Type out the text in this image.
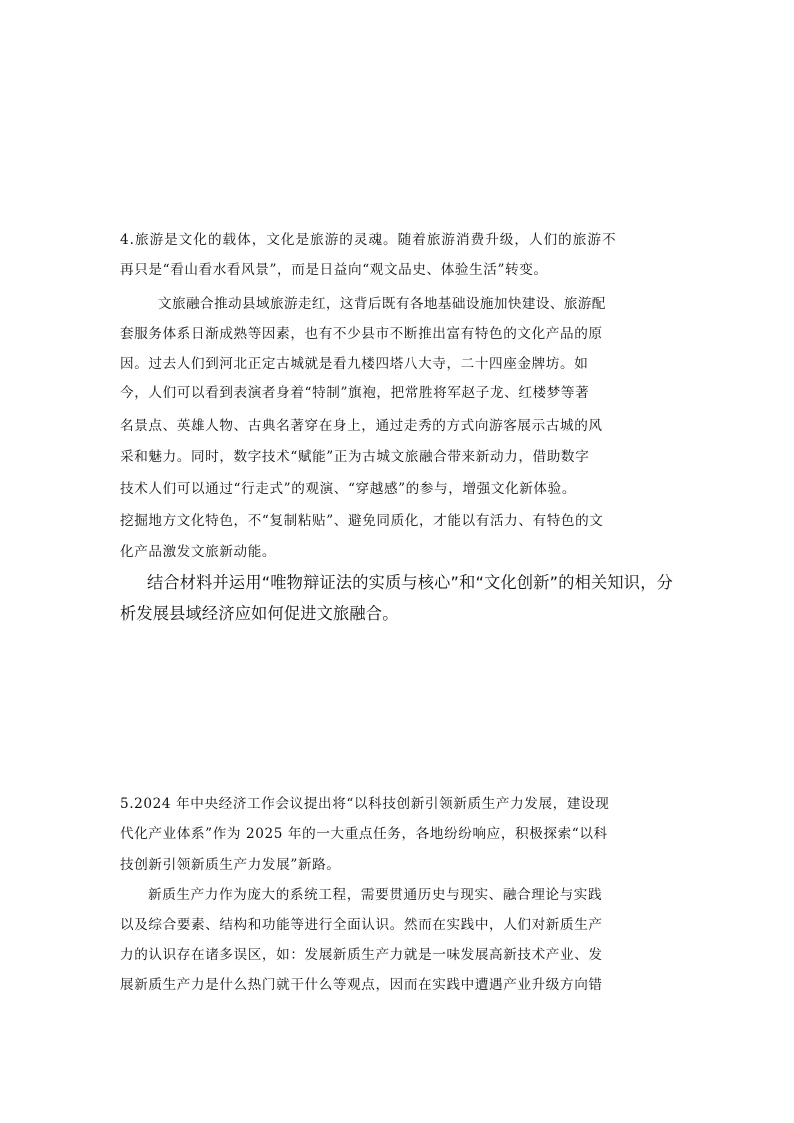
4.旅游是文化的载体，文化是旅游的灵魂。随着旅游消费升级，人们的旅游不
再只是“看山看水看风景”，而是日益向“观文品史、体验生活”转变。
文旅融合推动县域旅游走红，这背后既有各地基础设施加快建设、旅游配
套服务体系日渐成熟等因素，也有不少县市不断推出富有特色的文化产品的原
因。过去人们到河北正定古城就是看九楼四塔八大寺，二十四座金牌坊。如
今，人们可以看到表演者身着“特制”旗袍，把常胜将军赵子龙、红楼梦等著
名景点、英雄人物、古典名著穿在身上，通过走秀的方式向游客展示古城的风
采和魅力。同时，数字技术“赋能”正为古城文旅融合带来新动力，借助数字
技术人们可以通过“行走式”的观演、“穿越感”的参与，增强文化新体验。
挖掘地方文化特色，不“复制粘贴”、避免同质化，才能以有活力、有特色的文
化产品激发文旅新动能。
结合材料并运用“唯物辩证法的实质与核心”和“文化创新”的相关知识，分
析发展县域经济应如何促进文旅融合。
5.2024 年中央经济工作会议提出将“以科技创新引领新质生产力发展，建设现
代化产业体系”作为 2025 年的一大重点任务，各地纷纷响应，积极探索“以科
技创新引领新质生产力发展”新路。
新质生产力作为庞大的系统工程，需要贯通历史与现实、融合理论与实践
以及综合要素、结构和功能等进行全面认识。然而在实践中，人们对新质生产
力的认识存在诸多误区，如：发展新质生产力就是一味发展高新技术产业、发
展新质生产力是什么热门就干什么等观点，因而在实践中遭遇产业升级方向错
